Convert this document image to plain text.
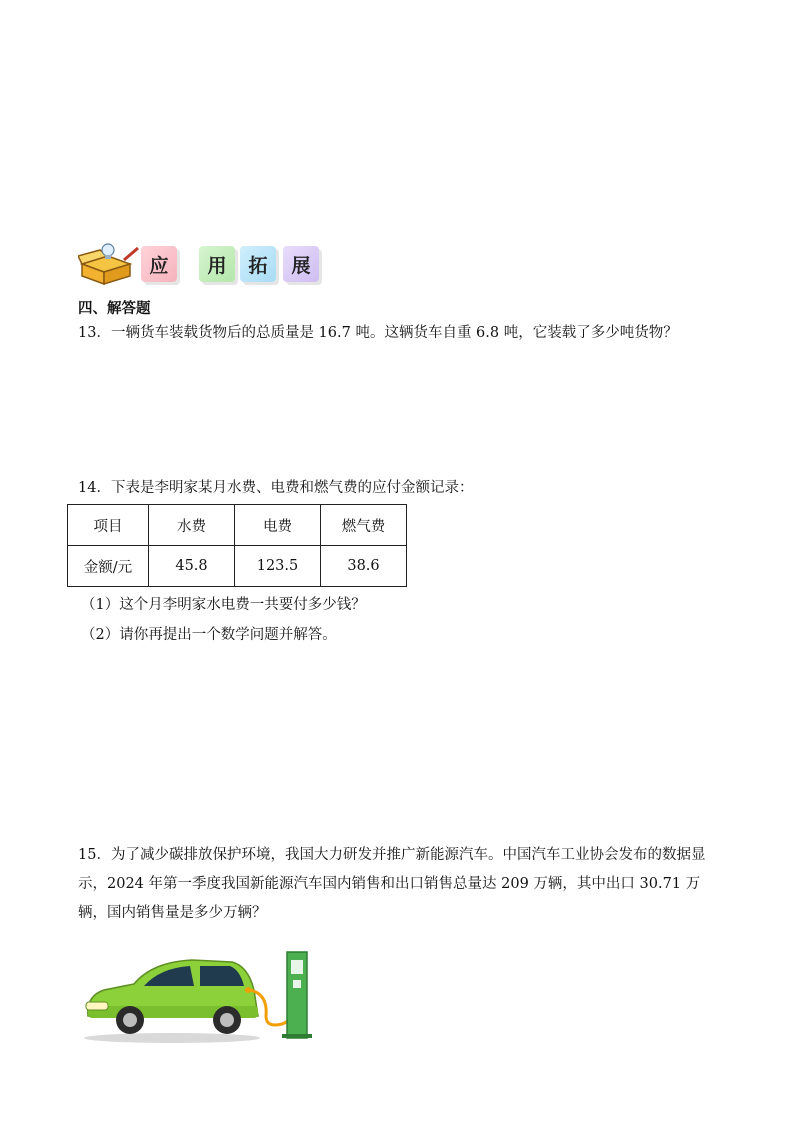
应	用	拓	展
四、解答题
13．一辆货车装载货物后的总质量是 16.7 吨。这辆货车自重 6.8 吨，它装载了多少吨货物？
14．下表是李明家某月水费、电费和燃气费的应付金额记录：
项目	水费	电费	燃气费
金额/元	45.8	123.5	38.6
（1）这个月李明家水电费一共要付多少钱？
（2）请你再提出一个数学问题并解答。
15．为了减少碳排放保护环境，我国大力研发并推广新能源汽车。中国汽车工业协会发布的数据显示，2024 年第一季度我国新能源汽车国内销售和出口销售总量达 209 万辆，其中出口 30.71 万辆，国内销售量是多少万辆？
